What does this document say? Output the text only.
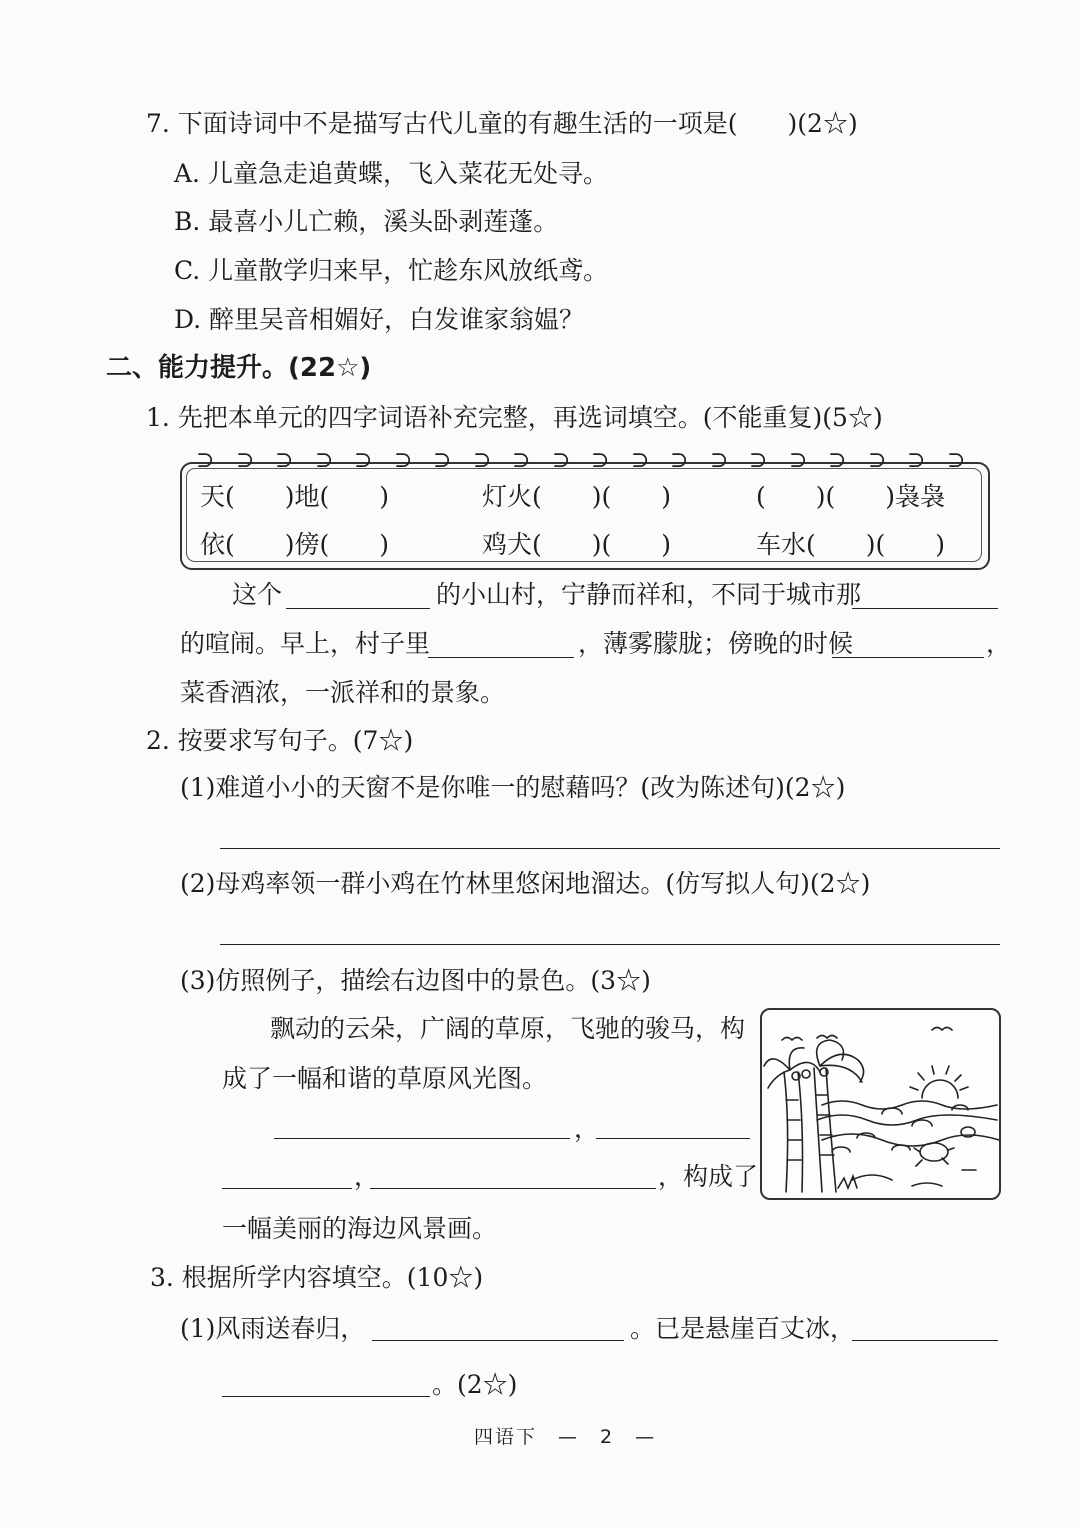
7. 下面诗词中不是描写古代儿童的有趣生活的一项是(　　)(2☆)
A. 儿童急走追黄蝶，飞入菜花无处寻。
B. 最喜小儿亡赖，溪头卧剥莲蓬。
C. 儿童散学归来早，忙趁东风放纸鸢。
D. 醉里吴音相媚好，白发谁家翁媪？
二、能力提升。(22☆)
1. 先把本单元的四字词语补充完整，再选词填空。(不能重复)(5☆)
⊃ ⊃ ⊃ ⊃ ⊃ ⊃ ⊃ ⊃ ⊃ ⊃ ⊃ ⊃ ⊃ ⊃ ⊃ ⊃ ⊃ ⊃ ⊃ ⊃
天(　　)地(　　)	灯火(　　)(　　)	(　　)(　　)袅袅
依(　　)傍(　　)	鸡犬(　　)(　　)	车水(　　)(　　)
这个	的小山村，宁静而祥和，不同于城市那
的喧闹。早上，村子里	，薄雾朦胧；傍晚的时候	，
菜香酒浓，一派祥和的景象。
2. 按要求写句子。(7☆)
(1)难道小小的天窗不是你唯一的慰藉吗？(改为陈述句)(2☆)
(2)母鸡率领一群小鸡在竹林里悠闲地溜达。(仿写拟人句)(2☆)
(3)仿照例子，描绘右边图中的景色。(3☆)
飘动的云朵，广阔的草原，飞驰的骏马，构
成了一幅和谐的草原风光图。
，
，	，构成了
一幅美丽的海边风景画。
3. 根据所学内容填空。(10☆)
(1)风雨送春归，	。已是悬崖百丈冰，
。(2☆)
四语下　—　2　—
